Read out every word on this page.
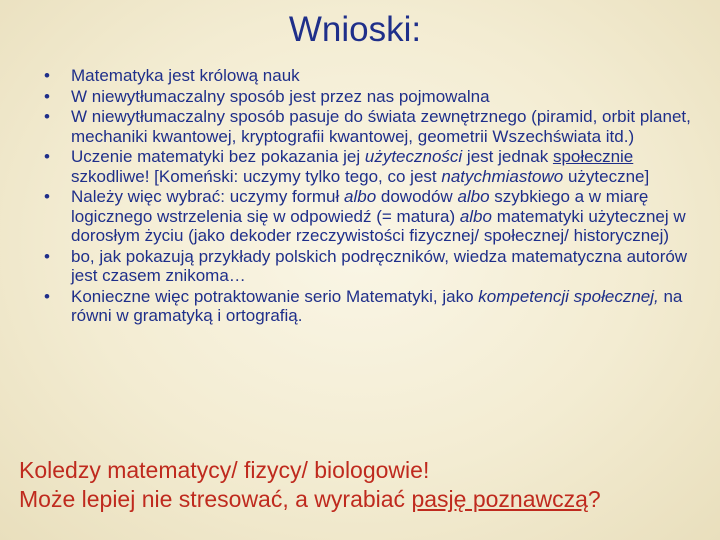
Wnioski:
• Matematyka jest królową nauk
• W niewytłumaczalny sposób jest przez nas pojmowalna
• W niewytłumaczalny sposób pasuje do świata zewnętrznego (piramid, orbit planet, mechaniki kwantowej, kryptografii kwantowej, geometrii Wszechświata itd.)
• Uczenie matematyki bez pokazania jej użyteczności jest jednak społecznie szkodliwe! [Komeński: uczymy tylko tego, co jest natychmiastowo użyteczne]
• Należy więc wybrać: uczymy formuł albo dowodów albo szybkiego a w miarę logicznego wstrzelenia się w odpowiedź (= matura) albo matematyki użytecznej w dorosłym życiu (jako dekoder rzeczywistości fizycznej/ społecznej/ historycznej)
• bo, jak pokazują przykłady polskich podręczników, wiedza matematyczna autorów jest czasem znikoma…
• Konieczne więc potraktowanie serio Matematyki, jako kompetencji społecznej, na równi w gramatyką i ortografią.
Koledzy matematycy/ fizycy/ biologowie!
Może lepiej nie stresować, a wyrabiać pasję poznawczą?
